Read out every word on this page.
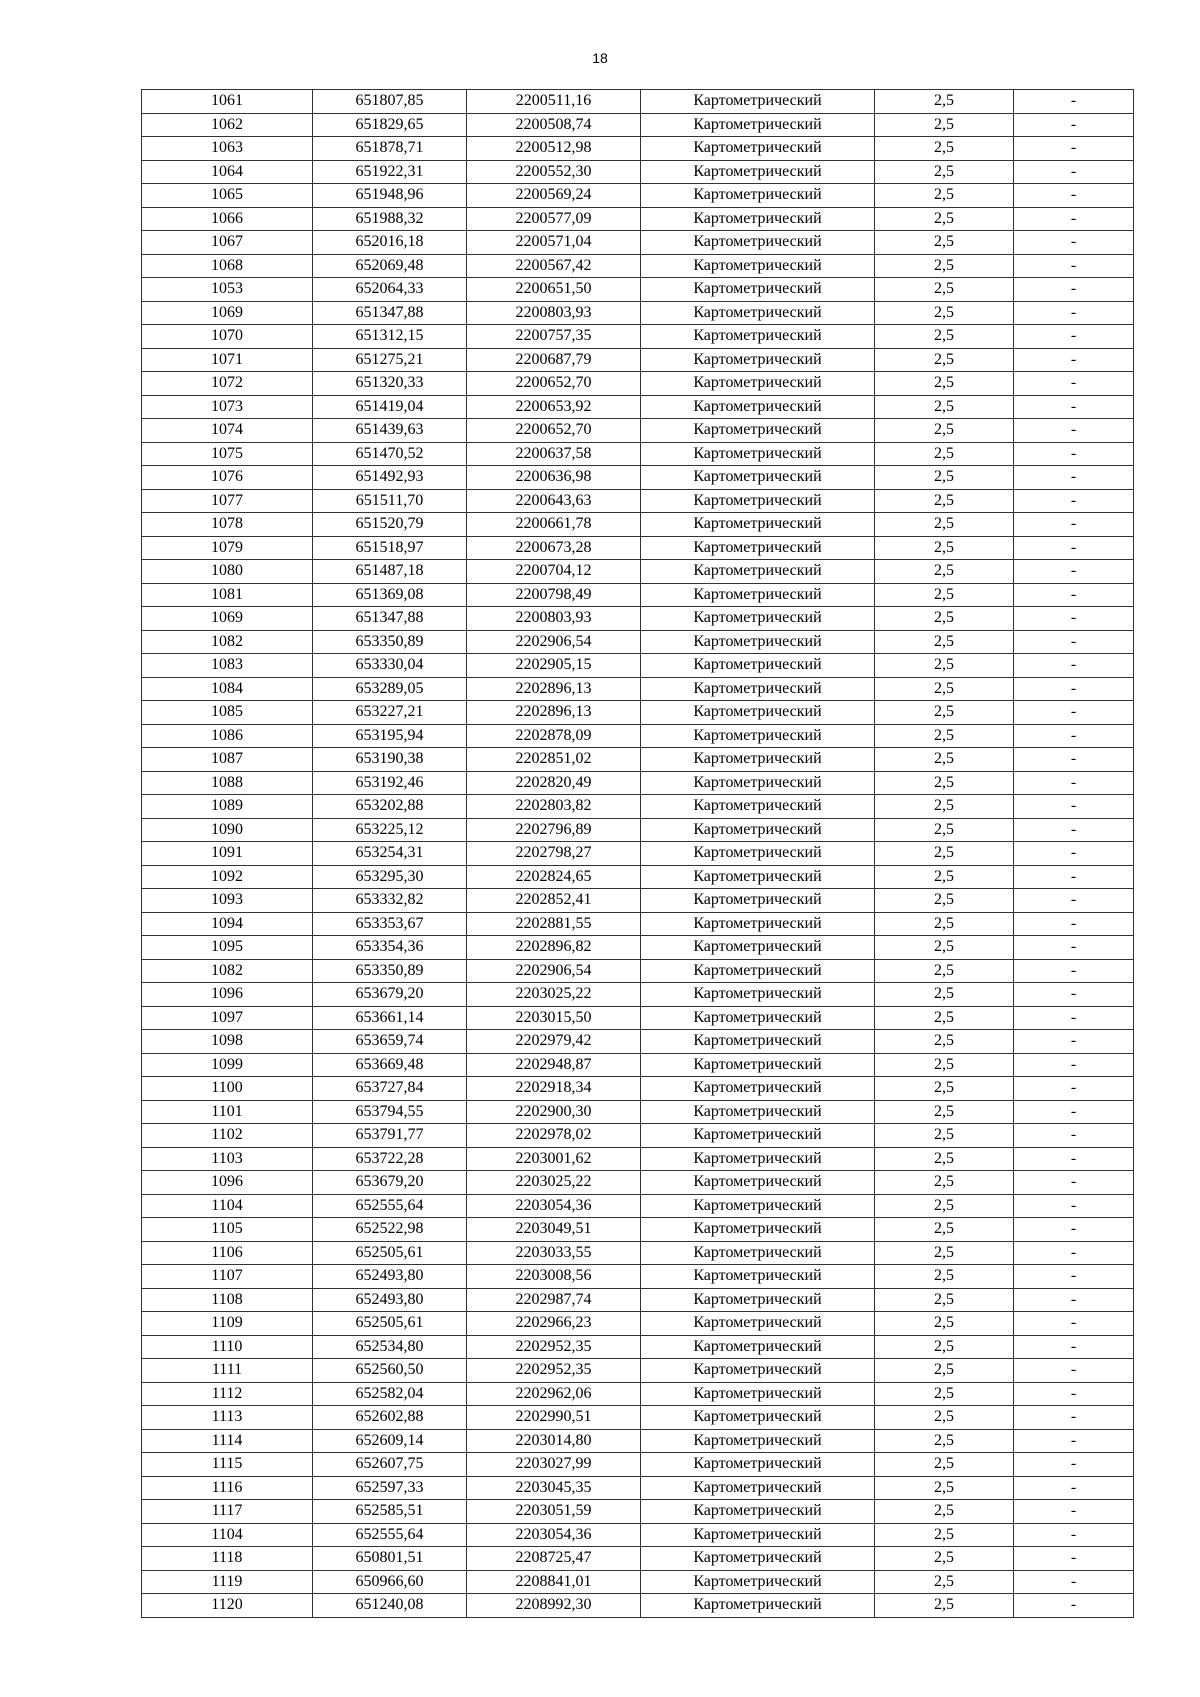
18
1061	651807,85	2200511,16	Картометрический	2,5	-
1062	651829,65	2200508,74	Картометрический	2,5	-
1063	651878,71	2200512,98	Картометрический	2,5	-
1064	651922,31	2200552,30	Картометрический	2,5	-
1065	651948,96	2200569,24	Картометрический	2,5	-
1066	651988,32	2200577,09	Картометрический	2,5	-
1067	652016,18	2200571,04	Картометрический	2,5	-
1068	652069,48	2200567,42	Картометрический	2,5	-
1053	652064,33	2200651,50	Картометрический	2,5	-
1069	651347,88	2200803,93	Картометрический	2,5	-
1070	651312,15	2200757,35	Картометрический	2,5	-
1071	651275,21	2200687,79	Картометрический	2,5	-
1072	651320,33	2200652,70	Картометрический	2,5	-
1073	651419,04	2200653,92	Картометрический	2,5	-
1074	651439,63	2200652,70	Картометрический	2,5	-
1075	651470,52	2200637,58	Картометрический	2,5	-
1076	651492,93	2200636,98	Картометрический	2,5	-
1077	651511,70	2200643,63	Картометрический	2,5	-
1078	651520,79	2200661,78	Картометрический	2,5	-
1079	651518,97	2200673,28	Картометрический	2,5	-
1080	651487,18	2200704,12	Картометрический	2,5	-
1081	651369,08	2200798,49	Картометрический	2,5	-
1069	651347,88	2200803,93	Картометрический	2,5	-
1082	653350,89	2202906,54	Картометрический	2,5	-
1083	653330,04	2202905,15	Картометрический	2,5	-
1084	653289,05	2202896,13	Картометрический	2,5	-
1085	653227,21	2202896,13	Картометрический	2,5	-
1086	653195,94	2202878,09	Картометрический	2,5	-
1087	653190,38	2202851,02	Картометрический	2,5	-
1088	653192,46	2202820,49	Картометрический	2,5	-
1089	653202,88	2202803,82	Картометрический	2,5	-
1090	653225,12	2202796,89	Картометрический	2,5	-
1091	653254,31	2202798,27	Картометрический	2,5	-
1092	653295,30	2202824,65	Картометрический	2,5	-
1093	653332,82	2202852,41	Картометрический	2,5	-
1094	653353,67	2202881,55	Картометрический	2,5	-
1095	653354,36	2202896,82	Картометрический	2,5	-
1082	653350,89	2202906,54	Картометрический	2,5	-
1096	653679,20	2203025,22	Картометрический	2,5	-
1097	653661,14	2203015,50	Картометрический	2,5	-
1098	653659,74	2202979,42	Картометрический	2,5	-
1099	653669,48	2202948,87	Картометрический	2,5	-
1100	653727,84	2202918,34	Картометрический	2,5	-
1101	653794,55	2202900,30	Картометрический	2,5	-
1102	653791,77	2202978,02	Картометрический	2,5	-
1103	653722,28	2203001,62	Картометрический	2,5	-
1096	653679,20	2203025,22	Картометрический	2,5	-
1104	652555,64	2203054,36	Картометрический	2,5	-
1105	652522,98	2203049,51	Картометрический	2,5	-
1106	652505,61	2203033,55	Картометрический	2,5	-
1107	652493,80	2203008,56	Картометрический	2,5	-
1108	652493,80	2202987,74	Картометрический	2,5	-
1109	652505,61	2202966,23	Картометрический	2,5	-
1110	652534,80	2202952,35	Картометрический	2,5	-
1111	652560,50	2202952,35	Картометрический	2,5	-
1112	652582,04	2202962,06	Картометрический	2,5	-
1113	652602,88	2202990,51	Картометрический	2,5	-
1114	652609,14	2203014,80	Картометрический	2,5	-
1115	652607,75	2203027,99	Картометрический	2,5	-
1116	652597,33	2203045,35	Картометрический	2,5	-
1117	652585,51	2203051,59	Картометрический	2,5	-
1104	652555,64	2203054,36	Картометрический	2,5	-
1118	650801,51	2208725,47	Картометрический	2,5	-
1119	650966,60	2208841,01	Картометрический	2,5	-
1120	651240,08	2208992,30	Картометрический	2,5	-
